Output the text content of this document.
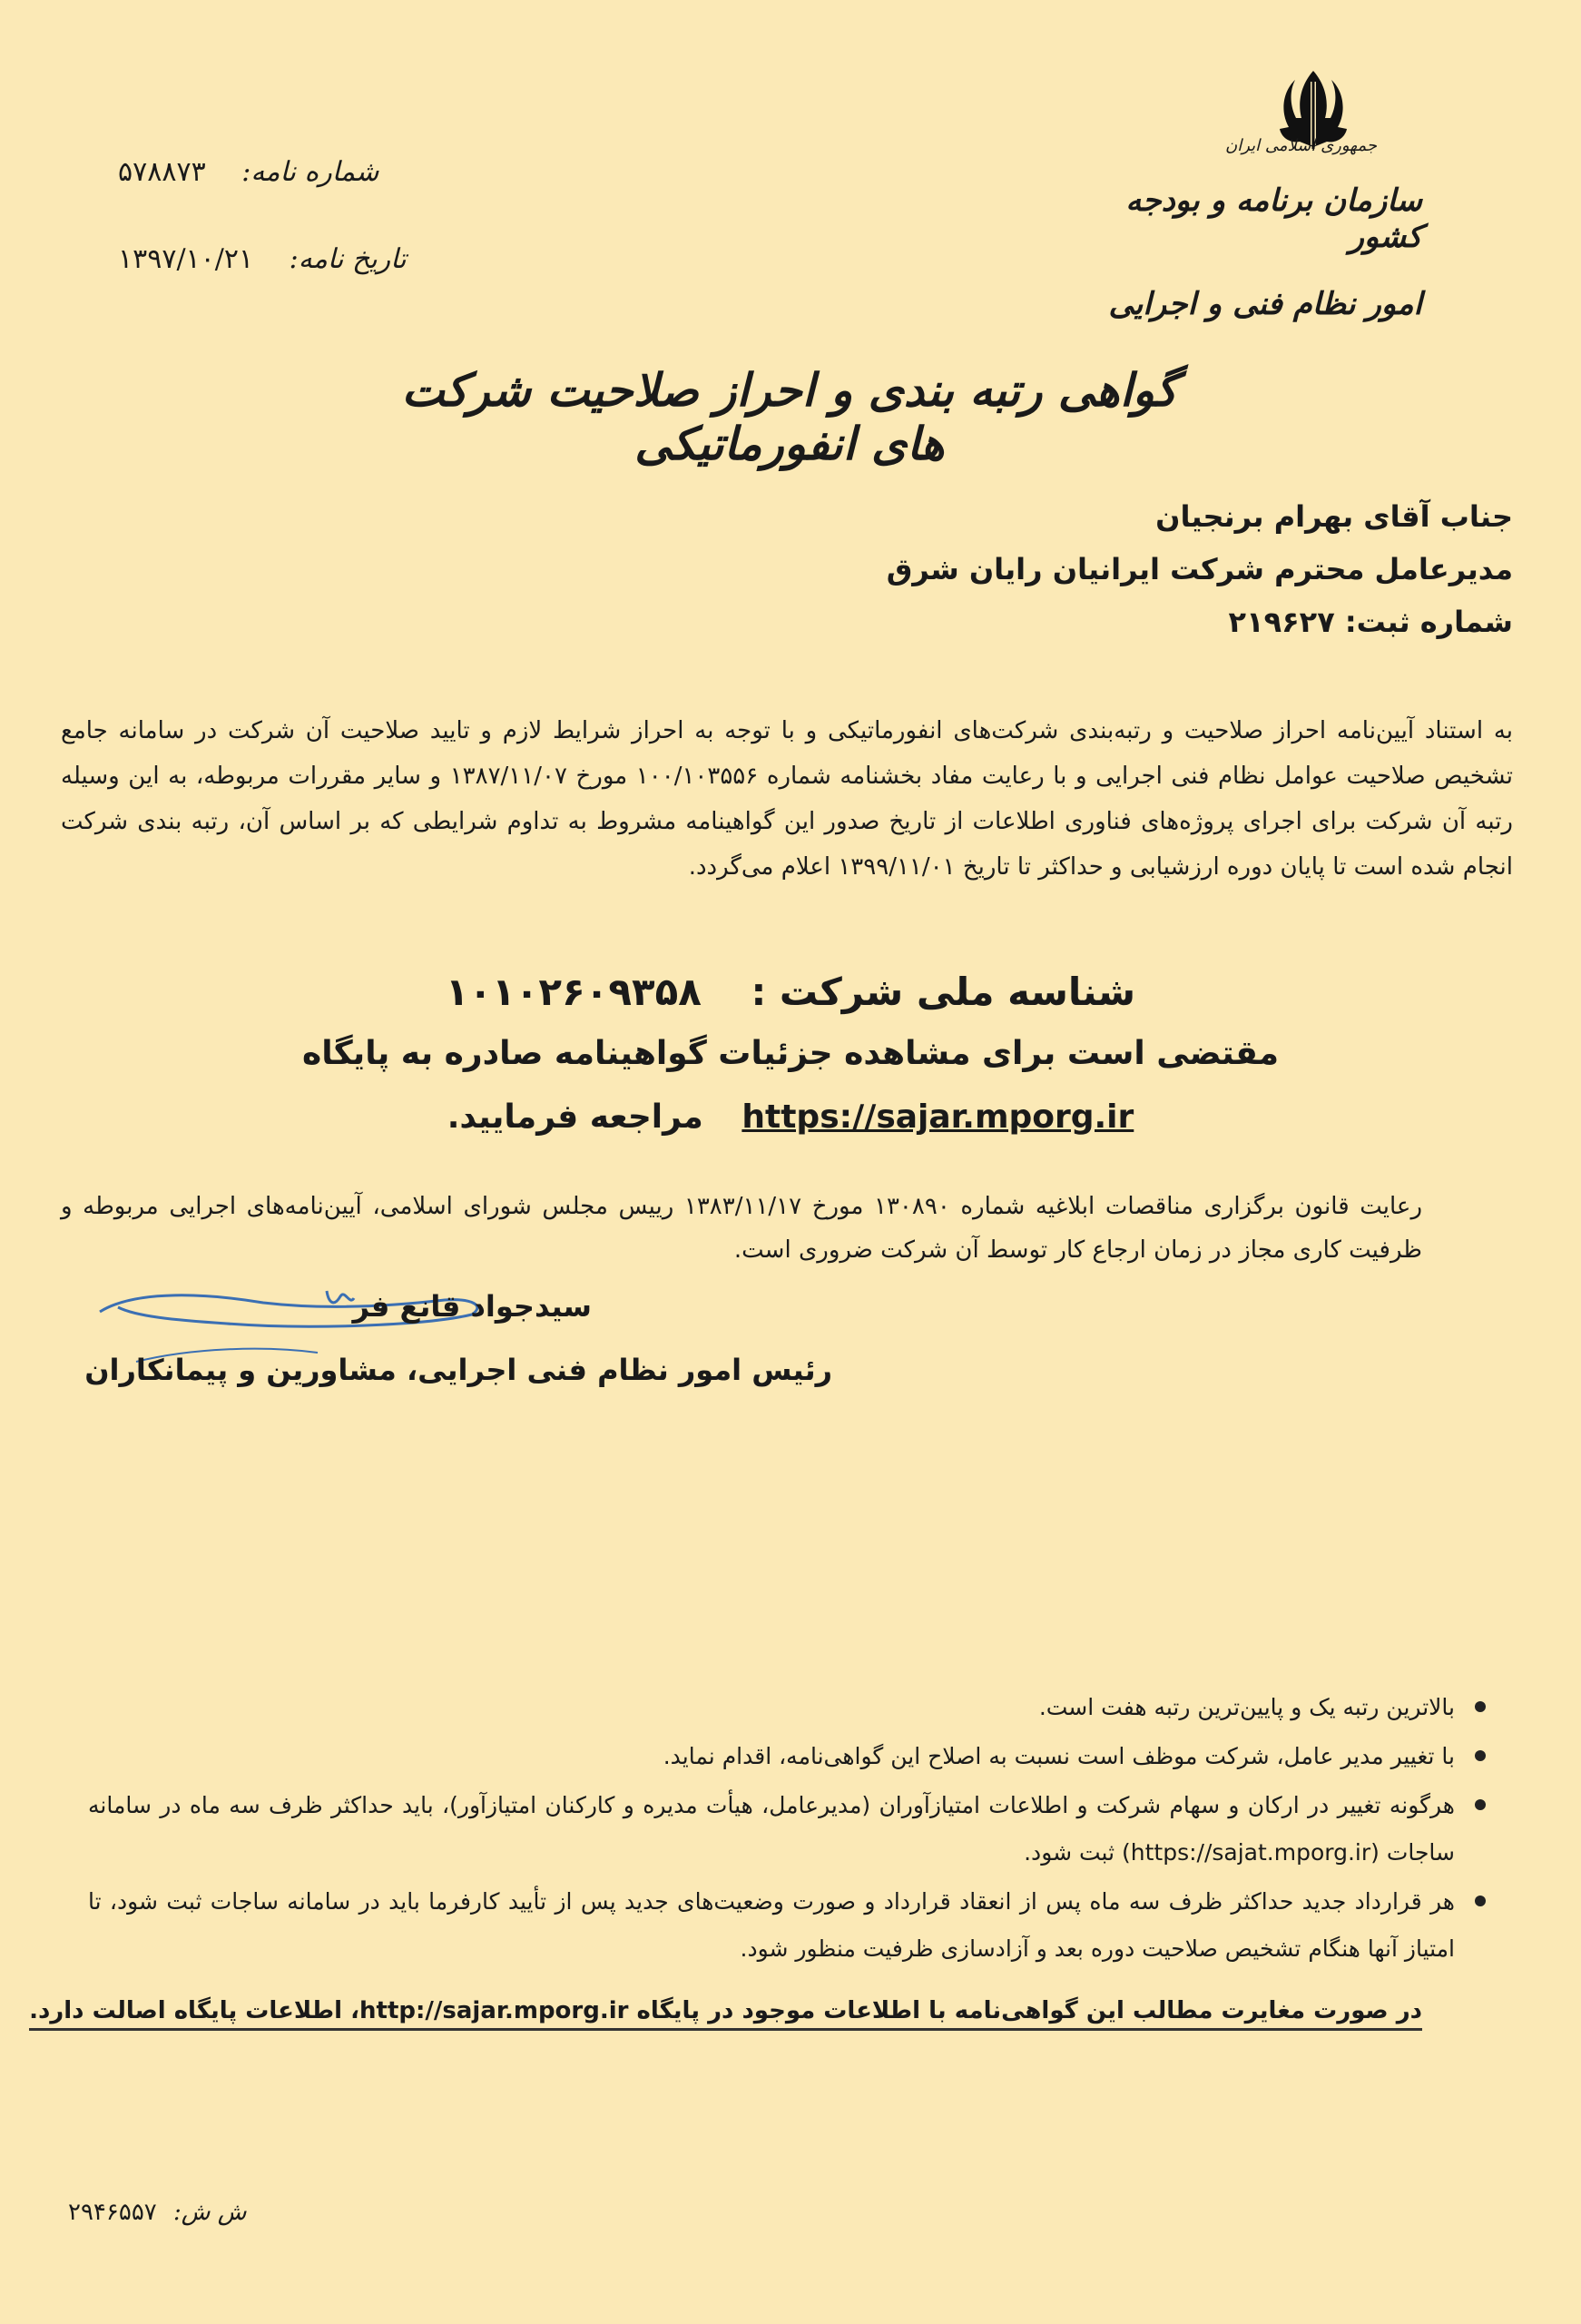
جمهوری اسلامی ایران
سازمان برنامه و بودجه کشور
امور نظام فنی و اجرایی
شماره نامه: ۵۷۸۸۷۳
تاریخ نامه: ۱۳۹۷/۱۰/۲۱
گواهی رتبه بندی و احراز صلاحیت شرکت های انفورماتیکی
جناب آقای بهرام برنجیان
مدیرعامل محترم شرکت ایرانیان رایان شرق
شماره ثبت: ۲۱۹۶۲۷
به استناد آیین‌نامه احراز صلاحیت و رتبه‌بندی شرکت‌های انفورماتیکی و با توجه به احراز شرایط لازم و تایید صلاحیت آن شرکت در سامانه جامع تشخیص صلاحیت عوامل نظام فنی اجرایی و با رعایت مفاد بخشنامه شماره ۱۰۰/۱۰۳۵۵۶ مورخ ۱۳۸۷/۱۱/۰۷ و سایر مقررات مربوطه، به این وسیله رتبه آن شرکت برای اجرای پروژه‌های فناوری اطلاعات از تاریخ صدور این گواهینامه مشروط به تداوم شرایطی که بر اساس آن، رتبه بندی شرکت انجام شده است تا پایان دوره ارزشیابی و حداکثر تا تاریخ ۱۳۹۹/۱۱/۰۱ اعلام می‌گردد.
شناسه ملی شرکت : ۱۰۱۰۲۶۰۹۳۵۸
مقتضی است برای مشاهده جزئیات گواهینامه صادره به پایگاه
https://sajar.mporg.ir مراجعه فرمایید.
رعایت قانون برگزاری مناقصات ابلاغیه شماره ۱۳۰۸۹۰ مورخ ۱۳۸۳/۱۱/۱۷ رییس مجلس شورای اسلامی، آیین‌نامه‌های اجرایی مربوطه و ظرفیت کاری مجاز در زمان ارجاع کار توسط آن شرکت ضروری است.
سیدجواد قانع فر
رئیس امور نظام فنی اجرایی، مشاورین و پیمانکاران
بالاترین رتبه یک و پایین‌ترین رتبه هفت است.
با تغییر مدیر عامل، شرکت موظف است نسبت به اصلاح این گواهی‌نامه، اقدام نماید.
هرگونه تغییر در ارکان و سهام شرکت و اطلاعات امتیازآوران (مدیرعامل، هیأت مدیره و کارکنان امتیازآور)، باید حداکثر ظرف سه ماه در سامانه ساجات (https://sajat.mporg.ir) ثبت شود.
هر قرارداد جدید حداکثر ظرف سه ماه پس از انعقاد قرارداد و صورت وضعیت‌های جدید پس از تأیید کارفرما باید در سامانه ساجات ثبت شود، تا امتیاز آنها هنگام تشخیص صلاحیت دوره بعد و آزادسازی ظرفیت منظور شود.
در صورت مغایرت مطالب این گواهی‌نامه با اطلاعات موجود در پایگاه http://sajar.mporg.ir، اطلاعات پایگاه اصالت دارد.
ش ش: ۲۹۴۶۵۵۷
